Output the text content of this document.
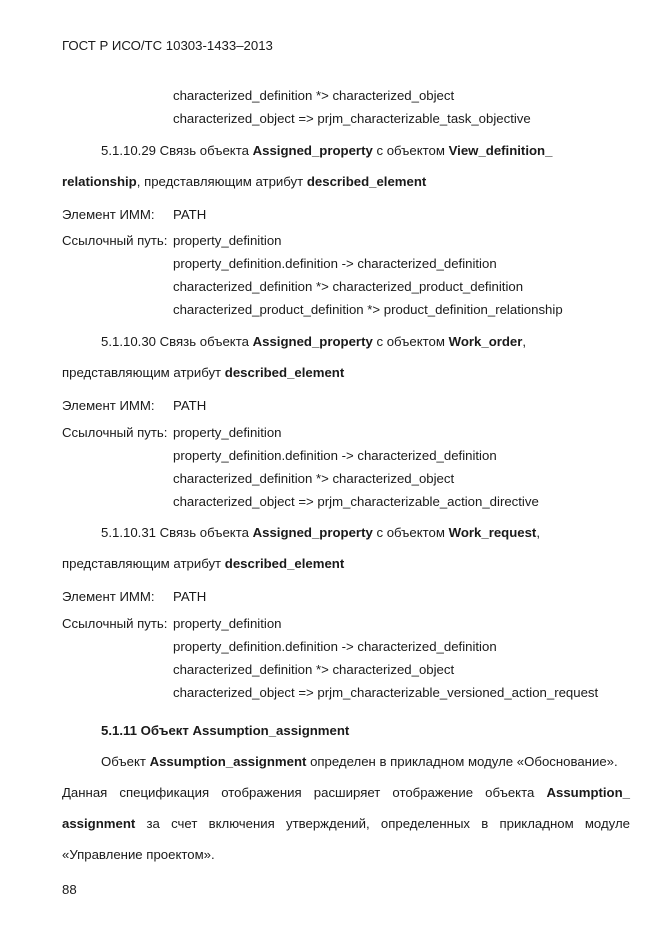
ГОСТ Р ИСО/ТС 10303-1433–2013
characterized_definition *> characterized_object
characterized_object => prjm_characterizable_task_objective
5.1.10.29 Связь объекта Assigned_property с объектом View_definition_
relationship, представляющим атрибут described_element
Элемент ИММ: PATH
Ссылочный путь: property_definition
property_definition.definition -> characterized_definition
characterized_definition *> characterized_product_definition
characterized_product_definition *> product_definition_relationship
5.1.10.30 Связь объекта Assigned_property с объектом Work_order,
представляющим атрибут described_element
Элемент ИММ: PATH
Ссылочный путь: property_definition
property_definition.definition -> characterized_definition
characterized_definition *> characterized_object
characterized_object => prjm_characterizable_action_directive
5.1.10.31 Связь объекта Assigned_property с объектом Work_request,
представляющим атрибут described_element
Элемент ИММ: PATH
Ссылочный путь: property_definition
property_definition.definition -> characterized_definition
characterized_definition *> characterized_object
characterized_object => prjm_characterizable_versioned_action_request
5.1.11 Объект Assumption_assignment
Объект Assumption_assignment определен в прикладном модуле «Обоснование».
Данная спецификация отображения расширяет отображение объекта Assumption_
assignment за счет включения утверждений, определенных в прикладном модуле
«Управление проектом».
88
